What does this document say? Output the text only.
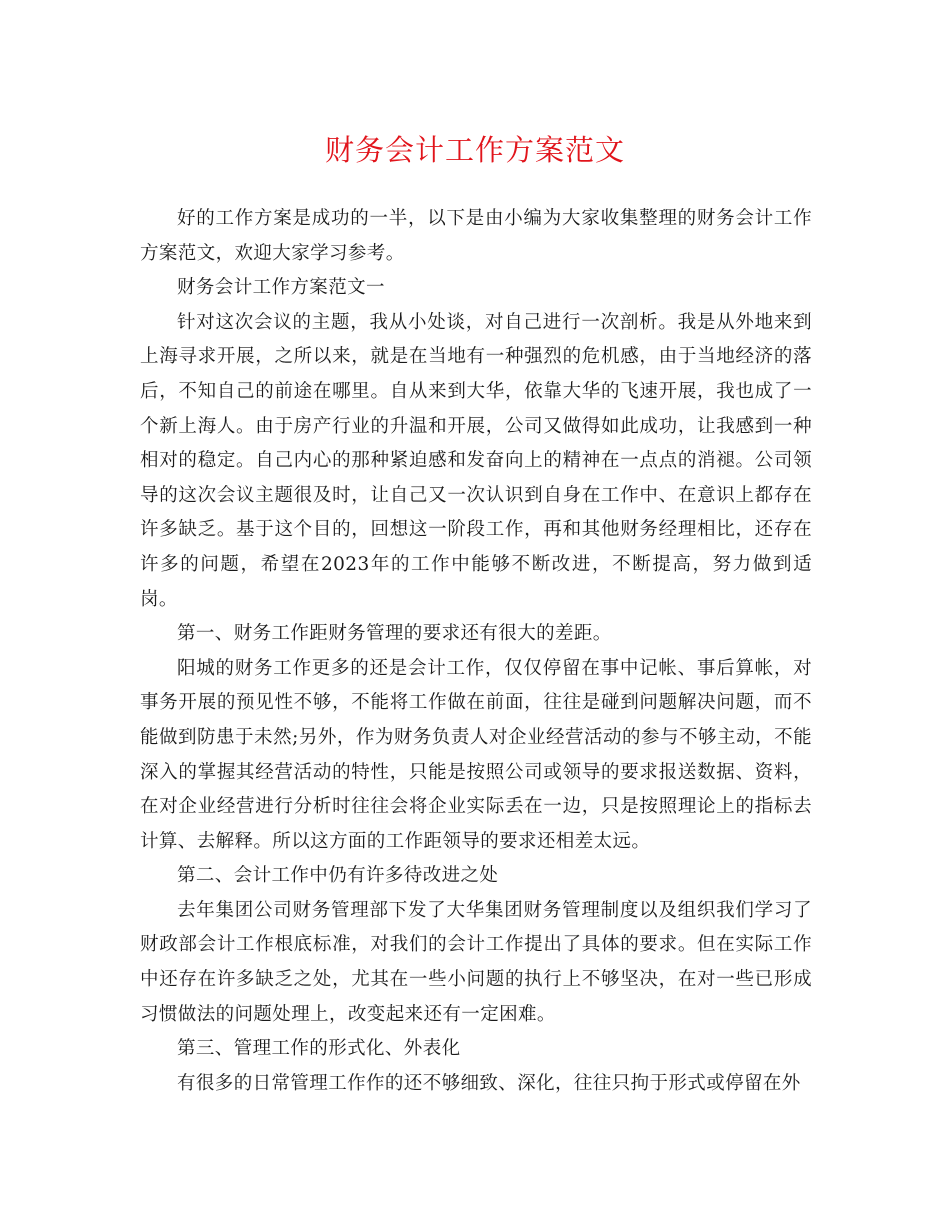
财务会计工作方案范文

好的工作方案是成功的一半，以下是由小编为大家收集整理的财务会计工作方案范文，欢迎大家学习参考。

财务会计工作方案范文一

针对这次会议的主题，我从小处谈，对自己进行一次剖析。我是从外地来到上海寻求开展，之所以来，就是在当地有一种强烈的危机感，由于当地经济的落后，不知自己的前途在哪里。自从来到大华，依靠大华的飞速开展，我也成了一个新上海人。由于房产行业的升温和开展，公司又做得如此成功，让我感到一种相对的稳定。自己内心的那种紧迫感和发奋向上的精神在一点点的消褪。公司领导的这次会议主题很及时，让自己又一次认识到自身在工作中、在意识上都存在许多缺乏。基于这个目的，回想这一阶段工作，再和其他财务经理相比，还存在许多的问题，希望在2023年的工作中能够不断改进，不断提高，努力做到适岗。

第一、财务工作距财务管理的要求还有很大的差距。

阳城的财务工作更多的还是会计工作，仅仅停留在事中记帐、事后算帐，对事务开展的预见性不够，不能将工作做在前面，往往是碰到问题解决问题，而不能做到防患于未然;另外，作为财务负责人对企业经营活动的参与不够主动，不能深入的掌握其经营活动的特性，只能是按照公司或领导的要求报送数据、资料，在对企业经营进行分析时往往会将企业实际丢在一边，只是按照理论上的指标去计算、去解释。所以这方面的工作距领导的要求还相差太远。

第二、会计工作中仍有许多待改进之处

去年集团公司财务管理部下发了大华集团财务管理制度以及组织我们学习了财政部会计工作根底标准，对我们的会计工作提出了具体的要求。但在实际工作中还存在许多缺乏之处，尤其在一些小问题的执行上不够坚决，在对一些已形成习惯做法的问题处理上，改变起来还有一定困难。

第三、管理工作的形式化、外表化

有很多的日常管理工作作的还不够细致、深化，往往只拘于形式或停留在外
